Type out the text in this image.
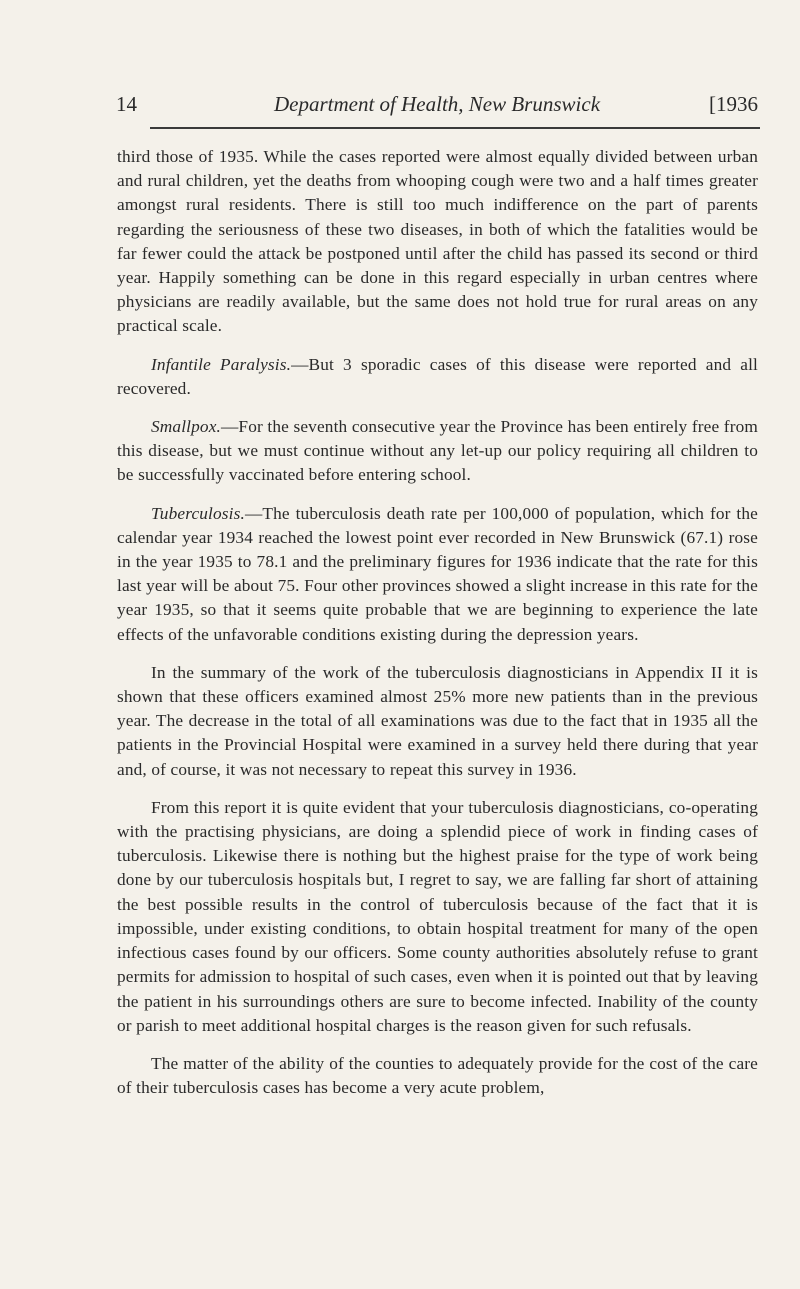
14	Department of Health, New Brunswick	[1936

third those of 1935. While the cases reported were almost equally divided between urban and rural children, yet the deaths from whooping cough were two and a half times greater amongst rural residents. There is still too much indifference on the part of parents regarding the seriousness of these two diseases, in both of which the fatalities would be far fewer could the attack be postponed until after the child has passed its second or third year. Happily something can be done in this regard especially in urban centres where physicians are readily available, but the same does not hold true for rural areas on any practical scale.

Infantile Paralysis.—But 3 sporadic cases of this disease were reported and all recovered.

Smallpox.—For the seventh consecutive year the Province has been entirely free from this disease, but we must continue without any let-up our policy requiring all children to be successfully vaccinated before entering school.

Tuberculosis.—The tuberculosis death rate per 100,000 of population, which for the calendar year 1934 reached the lowest point ever recorded in New Brunswick (67.1) rose in the year 1935 to 78.1 and the preliminary figures for 1936 indicate that the rate for this last year will be about 75. Four other provinces showed a slight increase in this rate for the year 1935, so that it seems quite probable that we are beginning to experience the late effects of the unfavorable conditions existing during the depression years.

In the summary of the work of the tuberculosis diagnosticians in Appendix II it is shown that these officers examined almost 25% more new patients than in the previous year. The decrease in the total of all examinations was due to the fact that in 1935 all the patients in the Provincial Hospital were examined in a survey held there during that year and, of course, it was not necessary to repeat this survey in 1936.

From this report it is quite evident that your tuberculosis diagnosticians, co-operating with the practising physicians, are doing a splendid piece of work in finding cases of tuberculosis. Likewise there is nothing but the highest praise for the type of work being done by our tuberculosis hospitals but, I regret to say, we are falling far short of attaining the best possible results in the control of tuberculosis because of the fact that it is impossible, under existing conditions, to obtain hospital treatment for many of the open infectious cases found by our officers. Some county authorities absolutely refuse to grant permits for admission to hospital of such cases, even when it is pointed out that by leaving the patient in his surroundings others are sure to become infected. Inability of the county or parish to meet additional hospital charges is the reason given for such refusals.

The matter of the ability of the counties to adequately provide for the cost of the care of their tuberculosis cases has become a very acute problem,
